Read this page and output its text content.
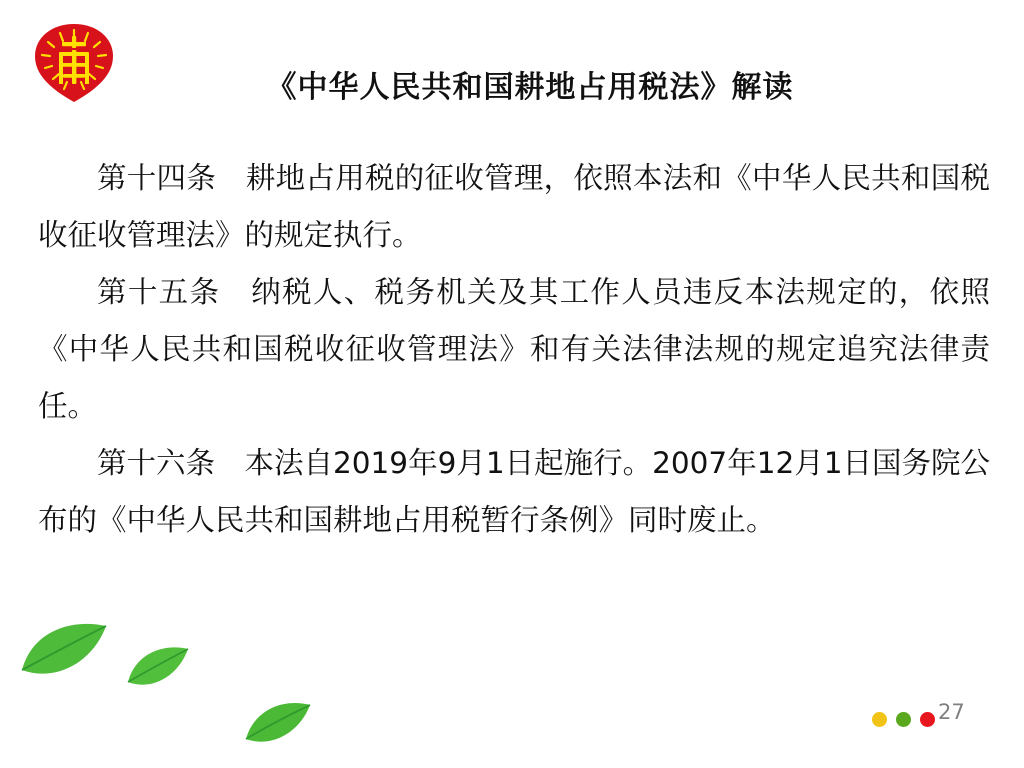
《中华人民共和国耕地占用税法》解读

第十四条　耕地占用税的征收管理，依照本法和《中华人民共和国税收征收管理法》的规定执行。

第十五条　纳税人、税务机关及其工作人员违反本法规定的，依照《中华人民共和国税收征收管理法》和有关法律法规的规定追究法律责任。

第十六条　本法自2019年9月1日起施行。2007年12月1日国务院公布的《中华人民共和国耕地占用税暂行条例》同时废止。

27
